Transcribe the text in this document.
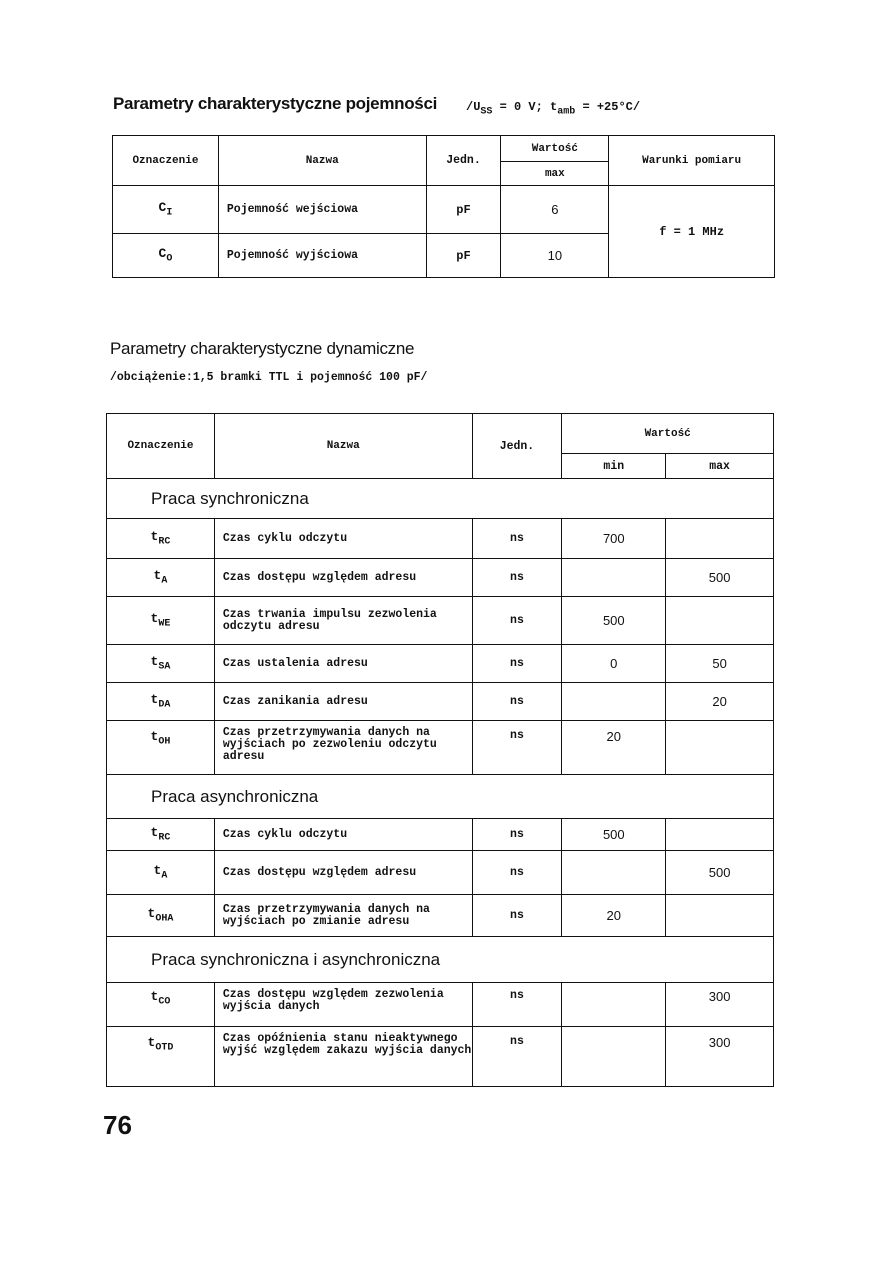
Parametry charakterystyczne pojemności $/U_{SS} = 0$ V; $t_{amb} = +25^\circ C/$
Oznaczenie	Nazwa	Jedn.	Wartość	Warunki pomiaru
			max	
$C_I$	Pojemność wejściowa	pF	6	f = 1 MHz
$C_O$	Pojemność wyjściowa	pF	10	
Parametry charakterystyczne dynamiczne
/obciążenie:1,5 bramki TTL i pojemność 100 pF/
Oznaczenie	Nazwa	Jedn.	Wartość	
			min	max
Praca synchroniczna				
$t_{RC}$	Czas cyklu odczytu	ns	700	
$t_A$	Czas dostępu względem adresu	ns		500
$t_{WE}$	Czas trwania impulsu zezwolenia odczytu adresu	ns	500	
$t_{SA}$	Czas ustalenia adresu	ns	0	50
$t_{DA}$	Czas zanikania adresu	ns		20
$t_{OH}$	Czas przetrzymywania danych na wyjściach po zezwoleniu odczytu adresu	ns	20	
Praca asynchroniczna				
$t_{RC}$	Czas cyklu odczytu	ns	500	
$t_A$	Czas dostępu względem adresu	ns		500
$t_{OHA}$	Czas przetrzymywania danych na wyjściach po zmianie adresu	ns	20	
Praca synchroniczna i asynchroniczna				
$t_{CO}$	Czas dostępu względem zezwolenia wyjścia danych	ns		300
$t_{OTD}$	Czas opóźnienia stanu nieaktywnego wyjść względem zakazu wyjścia danych	ns		300
76
